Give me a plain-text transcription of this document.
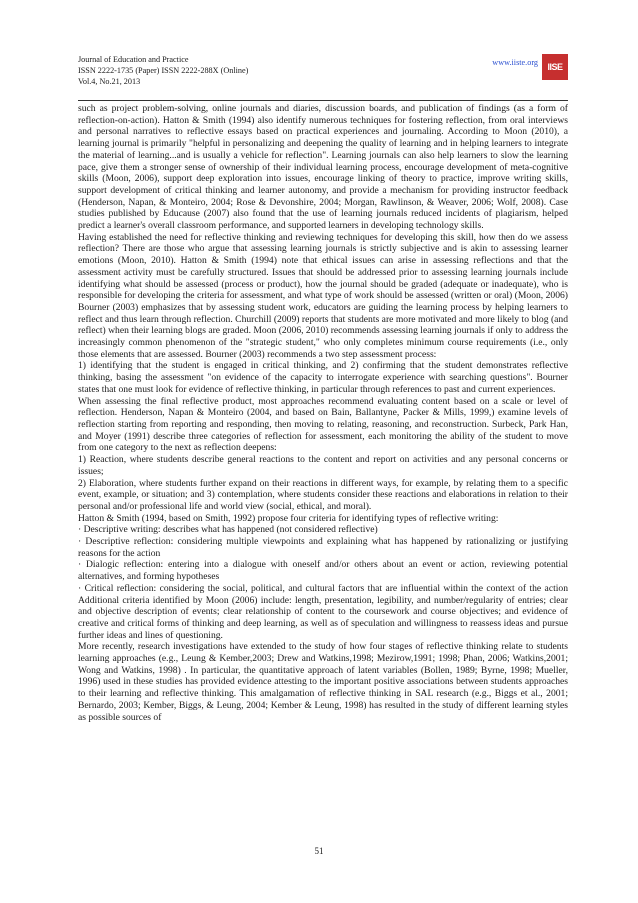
Journal of Education and Practice
ISSN 2222-1735 (Paper) ISSN 2222-288X (Online)
Vol.4, No.21, 2013
www.iiste.org	IISE

such as project problem-solving, online journals and diaries, discussion boards, and publication of findings (as a form of reflection-on-action). Hatton & Smith (1994) also identify numerous techniques for fostering reflection, from oral interviews and personal narratives to reflective essays based on practical experiences and journaling. According to Moon (2010), a learning journal is primarily "helpful in personalizing and deepening the quality of learning and in helping learners to integrate the material of learning...and is usually a vehicle for reflection". Learning journals can also help learners to slow the learning pace, give them a stronger sense of ownership of their individual learning process, encourage development of meta-cognitive skills (Moon, 2006), support deep exploration into issues, encourage linking of theory to practice, improve writing skills, support development of critical thinking and learner autonomy, and provide a mechanism for providing instructor feedback (Henderson, Napan, & Monteiro, 2004; Rose & Devonshire, 2004; Morgan, Rawlinson, & Weaver, 2006; Wolf, 2008). Case studies published by Educause (2007) also found that the use of learning journals reduced incidents of plagiarism, helped predict a learner's overall classroom performance, and supported learners in developing technology skills.

Having established the need for reflective thinking and reviewing techniques for developing this skill, how then do we assess reflection? There are those who argue that assessing learning journals is strictly subjective and is akin to assessing learner emotions (Moon, 2010). Hatton & Smith (1994) note that ethical issues can arise in assessing reflections and that the assessment activity must be carefully structured. Issues that should be addressed prior to assessing learning journals include identifying what should be assessed (process or product), how the journal should be graded (adequate or inadequate), who is responsible for developing the criteria for assessment, and what type of work should be assessed (written or oral) (Moon, 2006) Bourner (2003) emphasizes that by assessing student work, educators are guiding the learning process by helping learners to reflect and thus learn through reflection. Churchill (2009) reports that students are more motivated and more likely to blog (and reflect) when their learning blogs are graded. Moon (2006, 2010) recommends assessing learning journals if only to address the increasingly common phenomenon of the "strategic student," who only completes minimum course requirements (i.e., only those elements that are assessed. Bourner (2003) recommends a two step assessment process:

1) identifying that the student is engaged in critical thinking, and 2) confirming that the student demonstrates reflective thinking, basing the assessment "on evidence of the capacity to interrogate experience with searching questions". Bourner states that one must look for evidence of reflective thinking, in particular through references to past and current experiences.

When assessing the final reflective product, most approaches recommend evaluating content based on a scale or level of reflection. Henderson, Napan & Monteiro (2004, and based on Bain, Ballantyne, Packer & Mills, 1999,) examine levels of reflection starting from reporting and responding, then moving to relating, reasoning, and reconstruction. Surbeck, Park Han, and Moyer (1991) describe three categories of reflection for assessment, each monitoring the ability of the student to move from one category to the next as reflection deepens:

1) Reaction, where students describe general reactions to the content and report on activities and any personal concerns or issues;

2) Elaboration, where students further expand on their reactions in different ways, for example, by relating them to a specific event, example, or situation; and 3) contemplation, where students consider these reactions and elaborations in relation to their personal and/or professional life and world view (social, ethical, and moral).

Hatton & Smith (1994, based on Smith, 1992) propose four criteria for identifying types of reflective writing:

· Descriptive writing: describes what has happened (not considered reflective)

· Descriptive reflection: considering multiple viewpoints and explaining what has happened by rationalizing or justifying reasons for the action

· Dialogic reflection: entering into a dialogue with oneself and/or others about an event or action, reviewing potential alternatives, and forming hypotheses

· Critical reflection: considering the social, political, and cultural factors that are influential within the context of the action Additional criteria identified by Moon (2006) include: length, presentation, legibility, and number/regularity of entries; clear and objective description of events; clear relationship of content to the coursework and course objectives; and evidence of creative and critical forms of thinking and deep learning, as well as of speculation and willingness to reassess ideas and pursue further ideas and lines of questioning.

More recently, research investigations have extended to the study of how four stages of reflective thinking relate to students learning approaches (e.g., Leung & Kember,2003; Drew and Watkins,1998; Mezirow,1991; 1998; Phan, 2006; Watkins,2001; Wong and Watkins, 1998) . In particular, the quantitative approach of latent variables (Bollen, 1989; Byrne, 1998; Mueller, 1996) used in these studies has provided evidence attesting to the important positive associations between students approaches to their learning and reflective thinking. This amalgamation of reflective thinking in SAL research (e.g., Biggs et al., 2001; Bernardo, 2003; Kember, Biggs, & Leung, 2004; Kember & Leung, 1998) has resulted in the study of different learning styles as possible sources of

51
